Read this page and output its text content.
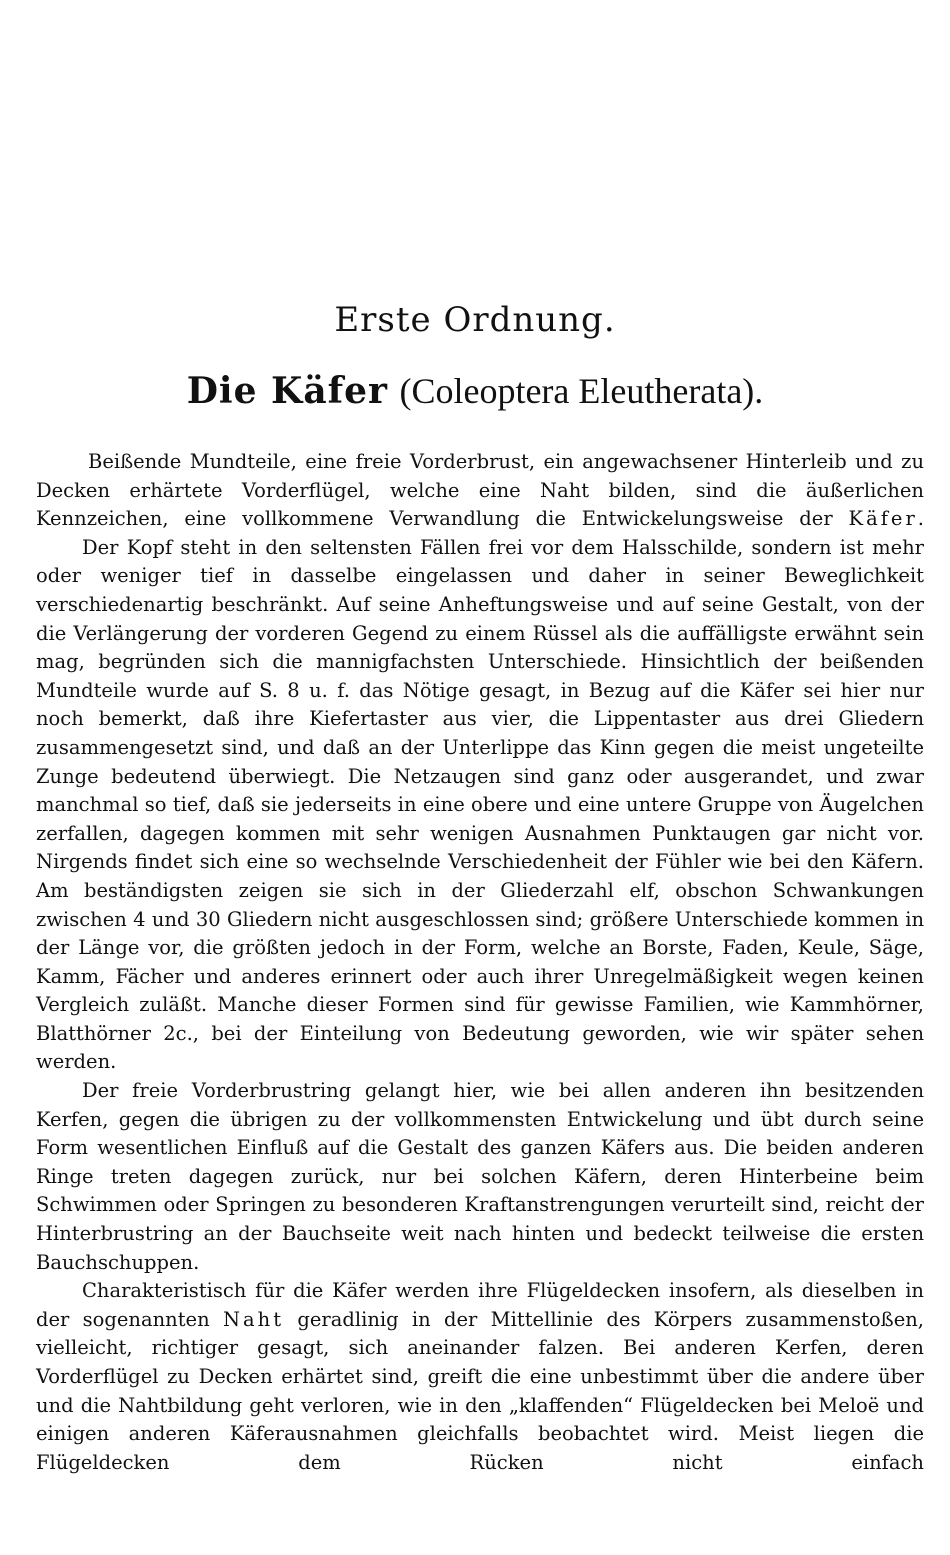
Erste Ordnung.
Die Käfer (Coleoptera Eleutherata).

Beißende Mundteile, eine freie Vorderbrust, ein angewachsener Hinterleib und zu Decken erhärtete Vorderflügel, welche eine Naht bilden, sind die äußerlichen Kennzeichen, eine vollkommene Verwandlung die Entwickelungsweise der Käfer.

Der Kopf steht in den seltensten Fällen frei vor dem Halsschilde, sondern ist mehr oder weniger tief in dasselbe eingelassen und daher in seiner Beweglichkeit verschiedenartig beschränkt. Auf seine Anheftungsweise und auf seine Gestalt, von der die Verlängerung der vorderen Gegend zu einem Rüssel als die auffälligste erwähnt sein mag, begründen sich die mannigfachsten Unterschiede. Hinsichtlich der beißenden Mundteile wurde auf S. 8 u. f. das Nötige gesagt, in Bezug auf die Käfer sei hier nur noch bemerkt, daß ihre Kiefertaster aus vier, die Lippentaster aus drei Gliedern zusammengesetzt sind, und daß an der Unterlippe das Kinn gegen die meist ungeteilte Zunge bedeutend überwiegt. Die Netzaugen sind ganz oder ausgerandet, und zwar manchmal so tief, daß sie jederseits in eine obere und eine untere Gruppe von Äugelchen zerfallen, dagegen kommen mit sehr wenigen Ausnahmen Punktaugen gar nicht vor. Nirgends findet sich eine so wechselnde Verschiedenheit der Fühler wie bei den Käfern. Am beständigsten zeigen sie sich in der Gliederzahl elf, obschon Schwankungen zwischen 4 und 30 Gliedern nicht ausgeschlossen sind; größere Unterschiede kommen in der Länge vor, die größten jedoch in der Form, welche an Borste, Faden, Keule, Säge, Kamm, Fächer und anderes erinnert oder auch ihrer Unregelmäßigkeit wegen keinen Vergleich zuläßt. Manche dieser Formen sind für gewisse Familien, wie Kammhörner, Blatthörner 2c., bei der Einteilung von Bedeutung geworden, wie wir später sehen werden.

Der freie Vorderbrustring gelangt hier, wie bei allen anderen ihn besitzenden Kerfen, gegen die übrigen zu der vollkommensten Entwickelung und übt durch seine Form wesentlichen Einfluß auf die Gestalt des ganzen Käfers aus. Die beiden anderen Ringe treten dagegen zurück, nur bei solchen Käfern, deren Hinterbeine beim Schwimmen oder Springen zu besonderen Kraftanstrengungen verurteilt sind, reicht der Hinterbrustring an der Bauchseite weit nach hinten und bedeckt teilweise die ersten Bauchschuppen.

Charakteristisch für die Käfer werden ihre Flügeldecken insofern, als dieselben in der sogenannten Naht geradlinig in der Mittellinie des Körpers zusammenstoßen, vielleicht, richtiger gesagt, sich aneinander falzen. Bei anderen Kerfen, deren Vorderflügel zu Decken erhärtet sind, greift die eine unbestimmt über die andere über und die Nahtbildung geht verloren, wie in den „klaffenden“ Flügeldecken bei Meloë und einigen anderen Käferausnahmen gleichfalls beobachtet wird. Meist liegen die Flügeldecken dem Rücken nicht einfach
